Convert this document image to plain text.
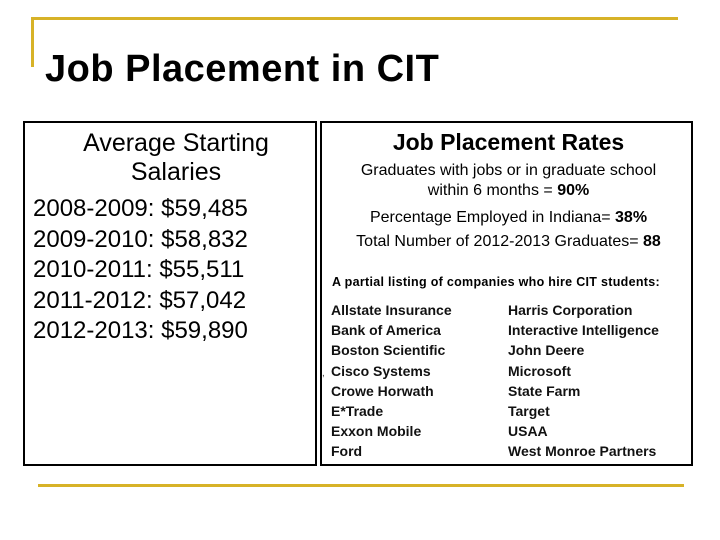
Job Placement in CIT
Average Starting
Salaries
2008-2009: $59,485
2009-2010: $58,832
2010-2011: $55,511
2011-2012: $57,042
2012-2013: $59,890
Job Placement Rates
Graduates with jobs or in graduate school
within 6 months = 90%
Percentage Employed in Indiana= 38%
Total Number of 2012-2013 Graduates= 88
A partial listing of companies who hire CIT students:
,
Allstate Insurance
Bank of America
Boston Scientific
Cisco Systems
Crowe Horwath
E*Trade
Exxon Mobile
Ford
Harris Corporation
Interactive Intelligence
John Deere
Microsoft
State Farm
Target
USAA
West Monroe Partners
